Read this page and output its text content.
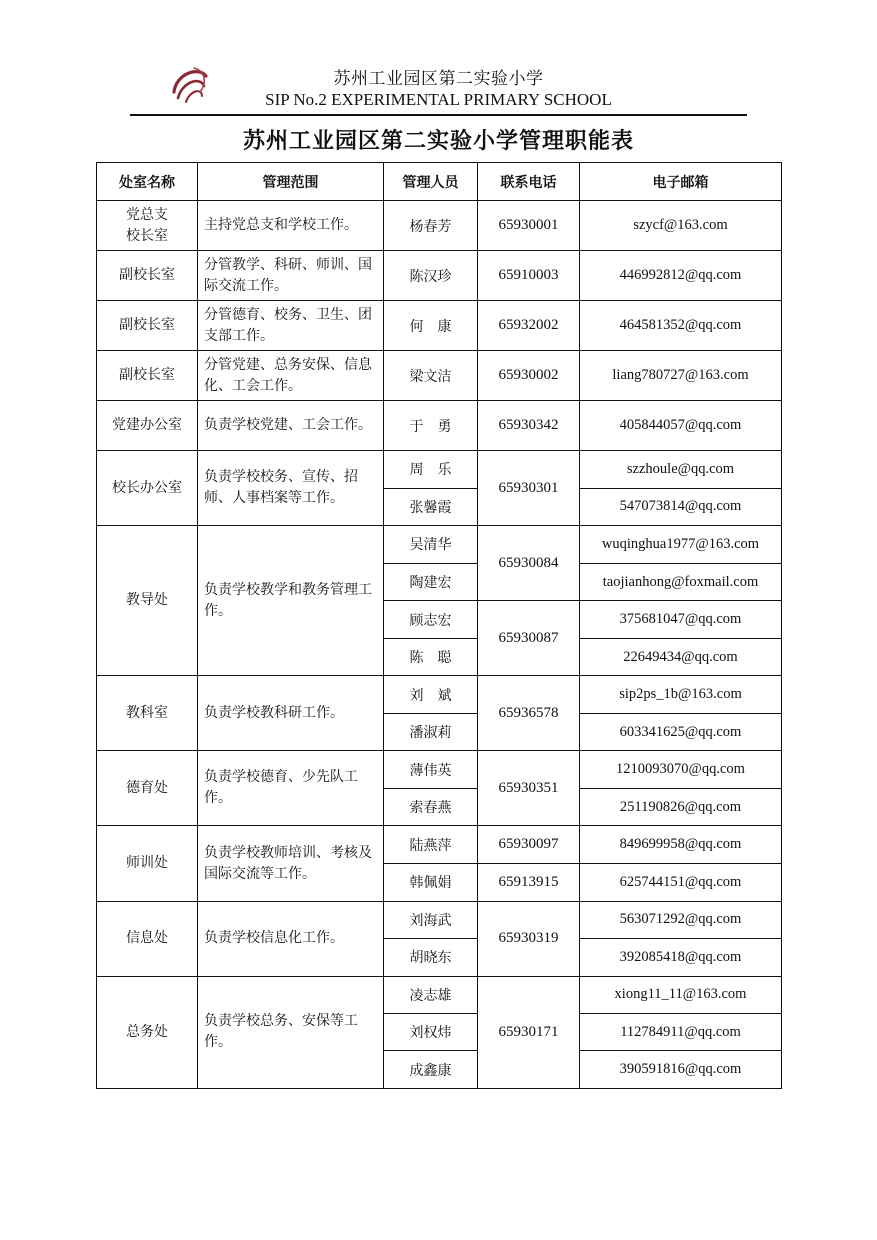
苏州工业园区第二实验小学
SIP No.2 EXPERIMENTAL PRIMARY SCHOOL
苏州工业园区第二实验小学管理职能表
处室名称	管理范围	管理人员	联系电话	电子邮箱
党总支
校长室	主持党总支和学校工作。	杨春芳	65930001	szycf@163.com
副校长室	分管教学、科研、师训、国际交流工作。	陈汉珍	65910003	446992812@qq.com
副校长室	分管德育、校务、卫生、团支部工作。	何　康	65932002	464581352@qq.com
副校长室	分管党建、总务安保、信息化、工会工作。	梁文洁	65930002	liang780727@163.com
党建办公室	负责学校党建、工会工作。	于　勇	65930342	405844057@qq.com
校长办公室	负责学校校务、宣传、招师、人事档案等工作。	周　乐	65930301	szzhoule@qq.com
		张馨霞		547073814@qq.com
教导处	负责学校教学和教务管理工作。	吴清华	65930084	wuqinghua1977@163.com
		陶建宏		taojianhong@foxmail.com
		顾志宏	65930087	375681047@qq.com
		陈　聪		22649434@qq.com
教科室	负责学校教科研工作。	刘　斌	65936578	sip2ps_1b@163.com
		潘淑莉		603341625@qq.com
德育处	负责学校德育、少先队工作。	薄伟英	65930351	1210093070@qq.com
		索春燕		251190826@qq.com
师训处	负责学校教师培训、考核及国际交流等工作。	陆燕萍	65930097	849699958@qq.com
		韩佩娟	65913915	625744151@qq.com
信息处	负责学校信息化工作。	刘海武	65930319	563071292@qq.com
		胡晓东		392085418@qq.com
总务处	负责学校总务、安保等工作。	凌志雄	65930171	xiong11_11@163.com
		刘权炜		112784911@qq.com
		成鑫康		390591816@qq.com
